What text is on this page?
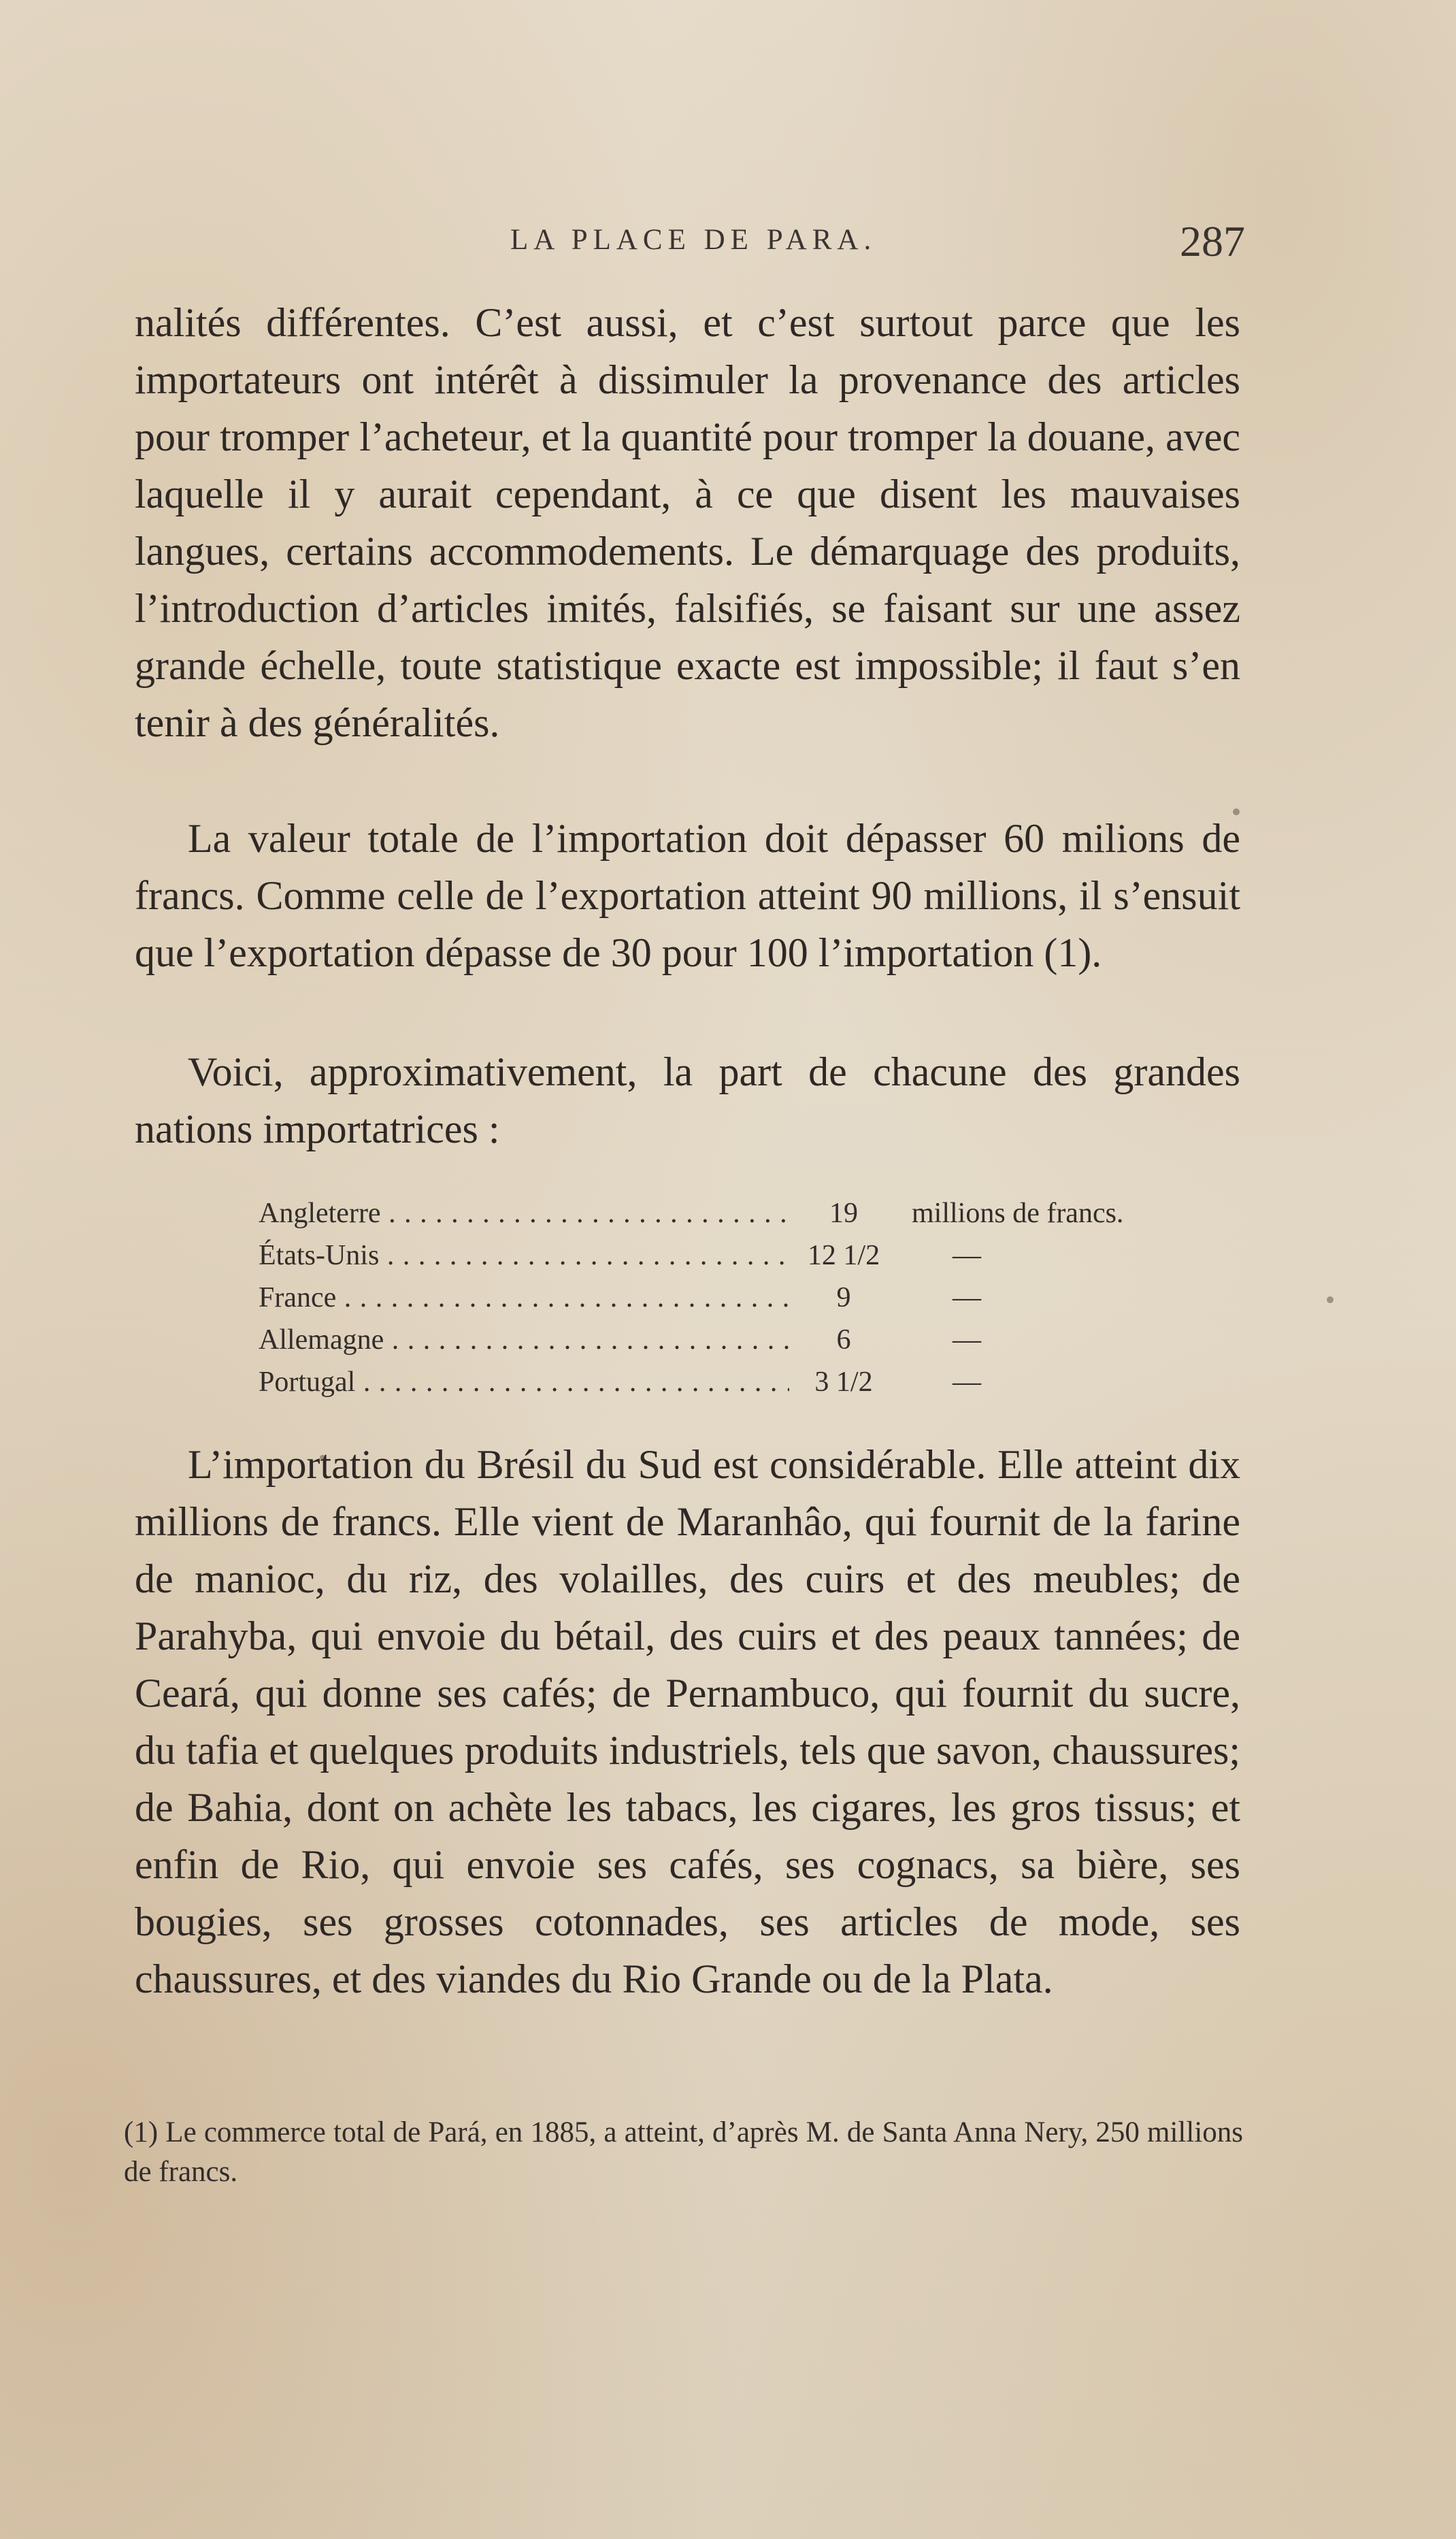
LA PLACE DE PARA.	287

nalités différentes. C’est aussi, et c’est surtout parce que les importateurs ont intérêt à dissimuler la provenance des articles pour tromper l’acheteur, et la quantité pour tromper la douane, avec laquelle il y aurait cependant, à ce que disent les mauvaises langues, certains accommodements. Le démarquage des produits, l’introduction d’articles imités, falsifiés, se faisant sur une assez grande échelle, toute statistique exacte est impossible; il faut s’en tenir à des généralités.

La valeur totale de l’importation doit dépasser 60 milions de francs. Comme celle de l’exportation atteint 90 millions, il s’ensuit que l’exportation dépasse de 30 pour 100 l’importation (1).

Voici, approximativement, la part de chacune des grandes nations importatrices :

Angleterre . . .	19	millions de francs.
États-Unis . . .	12 1/2	—
France . . .	9	—
Allemagne . . .	6	—
Portugal . . .	3 1/2	—

L’importation du Brésil du Sud est considérable. Elle atteint dix millions de francs. Elle vient de Maranhâo, qui fournit de la farine de manioc, du riz, des volailles, des cuirs et des meubles; de Parahyba, qui envoie du bétail, des cuirs et des peaux tannées; de Ceará, qui donne ses cafés; de Pernambuco, qui fournit du sucre, du tafia et quelques produits industriels, tels que savon, chaussures; de Bahia, dont on achète les tabacs, les cigares, les gros tissus; et enfin de Rio, qui envoie ses cafés, ses cognacs, sa bière, ses bougies, ses grosses cotonnades, ses articles de mode, ses chaussures, et des viandes du Rio Grande ou de la Plata.

(1) Le commerce total de Pará, en 1885, a atteint, d’après M. de Santa Anna Nery, 250 millions de francs.
